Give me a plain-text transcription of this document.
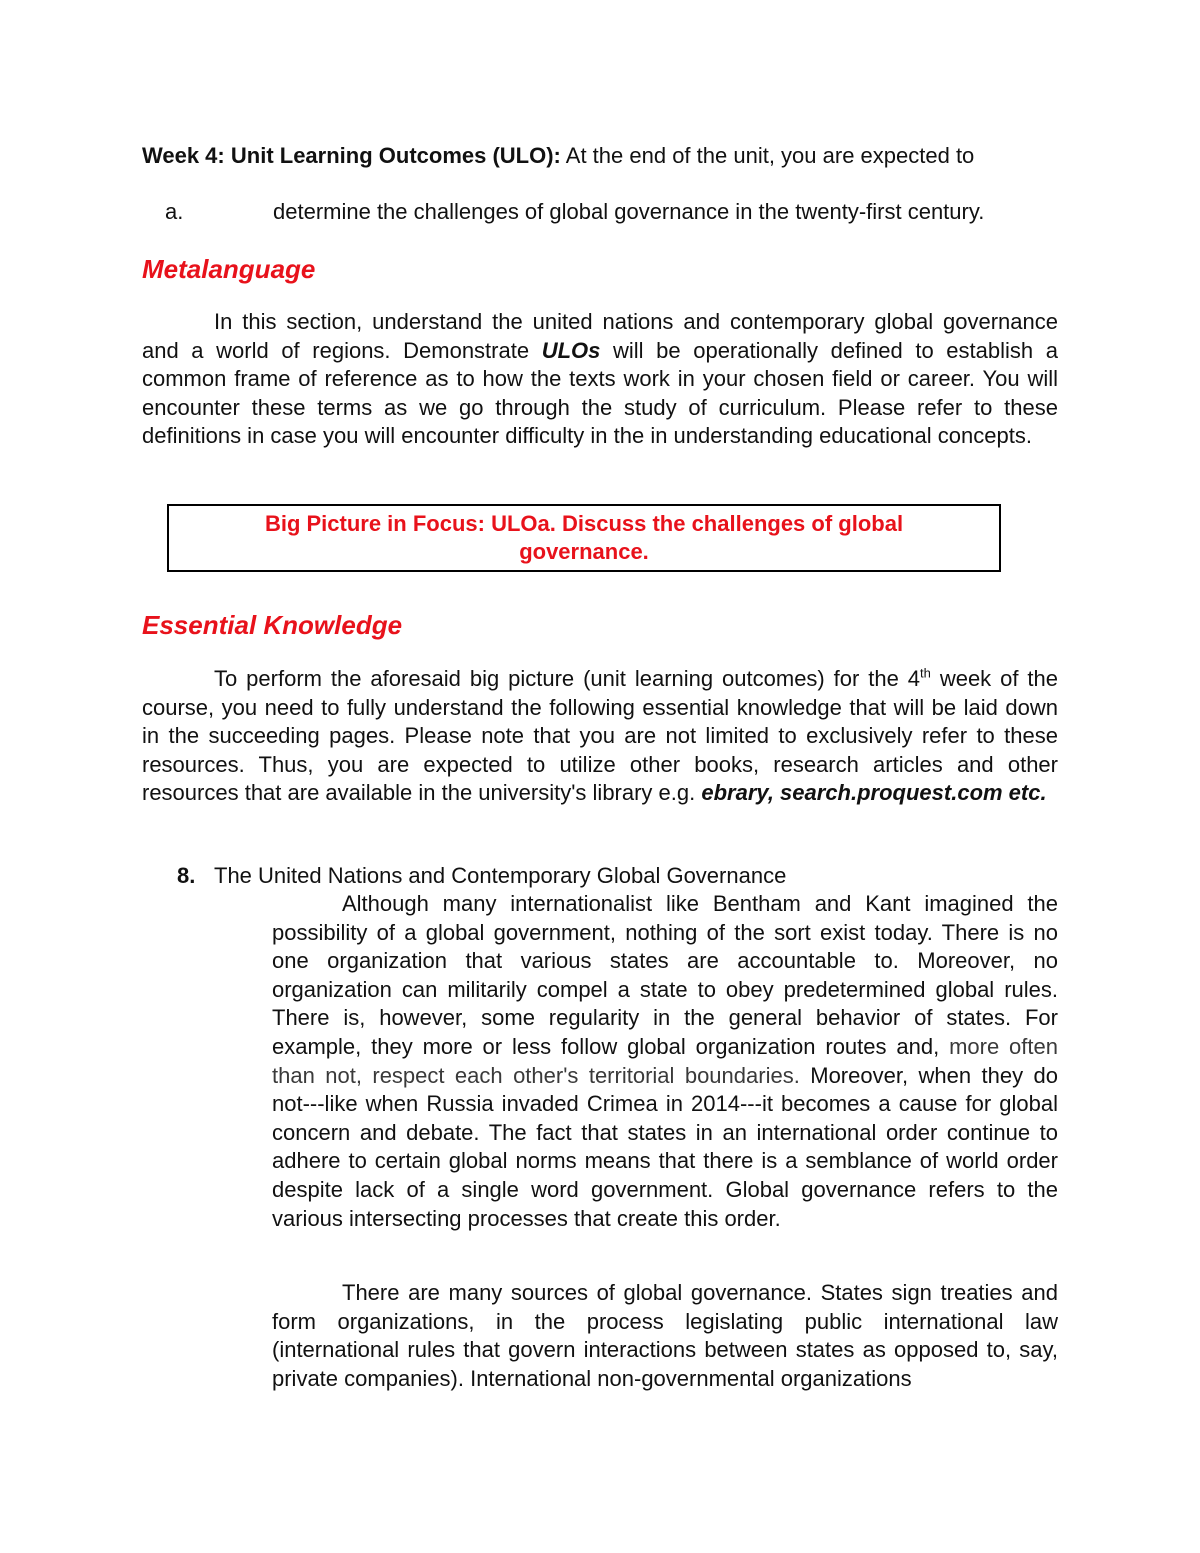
Week 4: Unit Learning Outcomes (ULO): At the end of the unit, you are expected to
a.	determine the challenges of global governance in the twenty-first century.
Metalanguage
In this section, understand the united nations and contemporary global governance and a world of regions. Demonstrate ULOs will be operationally defined to establish a common frame of reference as to how the texts work in your chosen field or career. You will encounter these terms as we go through the study of curriculum. Please refer to these definitions in case you will encounter difficulty in the in understanding educational concepts.
Big Picture in Focus: ULOa. Discuss the challenges of global governance.
Essential Knowledge
To perform the aforesaid big picture (unit learning outcomes) for the 4th week of the course, you need to fully understand the following essential knowledge that will be laid down in the succeeding pages. Please note that you are not limited to exclusively refer to these resources. Thus, you are expected to utilize other books, research articles and other resources that are available in the university's library e.g. ebrary, search.proquest.com etc.
8. The United Nations and Contemporary Global Governance
Although many internationalist like Bentham and Kant imagined the possibility of a global government, nothing of the sort exist today. There is no one organization that various states are accountable to. Moreover, no organization can militarily compel a state to obey predetermined global rules. There is, however, some regularity in the general behavior of states. For example, they more or less follow global organization routes and, more often than not, respect each other's territorial boundaries. Moreover, when they do not---like when Russia invaded Crimea in 2014---it becomes a cause for global concern and debate. The fact that states in an international order continue to adhere to certain global norms means that there is a semblance of world order despite lack of a single word government. Global governance refers to the various intersecting processes that create this order.
There are many sources of global governance. States sign treaties and form organizations, in the process legislating public international law (international rules that govern interactions between states as opposed to, say, private companies). International non-governmental organizations
